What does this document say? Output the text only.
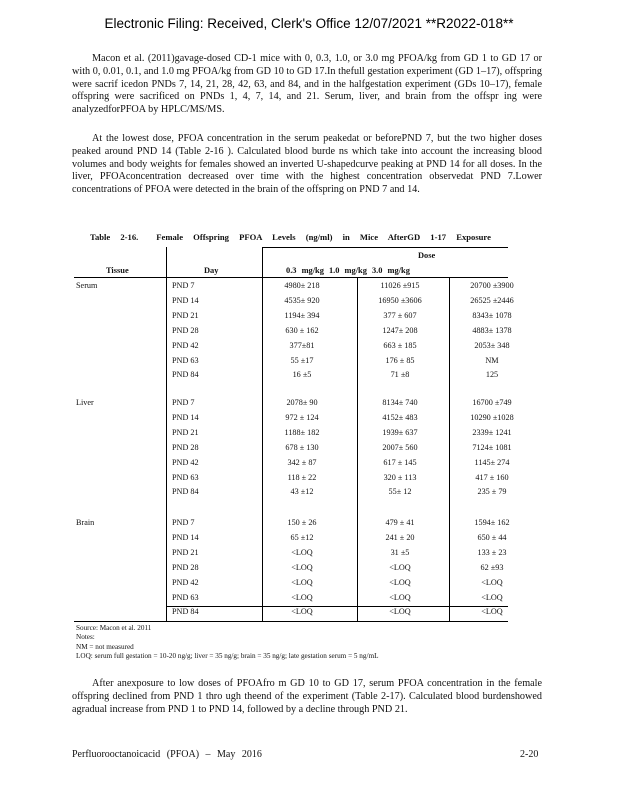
Electronic Filing: Received, Clerk's Office 12/07/2021 **R2022-018**
Macon et al. (2011)gavage-dosed CD-1 mice with 0, 0.3, 1.0, or 3.0 mg PFOA/kg from GD 1 to GD 17 or with 0, 0.01, 0.1, and 1.0 mg PFOA/kg from GD 10 to GD 17.In thefull gestation experiment (GD 1–17), offspring were sacrif icedon PNDs 7, 14, 21, 28, 42, 63, and 84, and in the halfgestation experiment (GDs 10–17), female offspring were sacrificed on PNDs 1, 4, 7, 14, and 21. Serum, liver, and brain from the offspr ing were analyzedforPFOA by HPLC/MS/MS.
At the lowest dose, PFOA concentration in the serum peakedat or beforePND 7, but the two higher doses peaked around PND 14 (Table 2-16 ). Calculated blood burde ns which take into account the increasing blood volumes and body weights for females showed an inverted U-shapedcurve peaking at PND 14 for all doses. In the liver, PFOAconcentration decreased over time with the highest concentration observedat PND 7.Lower concentrations of PFOA were detected in the brain of the offspring on PND 7 and 14.
Table 2-16. Female Offspring PFOA Levels (ng/ml) in Mice AfterGD 1-17 Exposure
Dose
Tissue	Day	0.3 mg/kg 1.0 mg/kg 3.0 mg/kg
Serum	PND 7	4980± 218	11026 ±915	20700 ±3900
PND 14	4535± 920	16950 ±3606	26525 ±2446
PND 21	1194± 394	377 ± 607	8343± 1078
PND 28	630 ± 162	1247± 208	4883± 1378
PND 42	377±81	663 ± 185	2053± 348
PND 63	55 ±17	176 ± 85	NM
PND 84	16 ±5	71 ±8	125
Liver	PND 7	2078± 90	8134± 740	16700 ±749
PND 14	972 ± 124	4152± 483	10290 ±1028
PND 21	1188± 182	1939± 637	2339± 1241
PND 28	678 ± 130	2007± 560	7124± 1081
PND 42	342 ± 87	617 ± 145	1145± 274
PND 63	118 ± 22	320 ± 113	417 ± 160
PND 84	43 ±12	55± 12	235 ± 79
Brain	PND 7	150 ± 26	479 ± 41	1594± 162
PND 14	65 ±12	241 ± 20	650 ± 44
PND 21	<LOQ	31 ±5	133 ± 23
PND 28	<LOQ	<LOQ	62 ±93
PND 42	<LOQ	<LOQ	<LOQ
PND 63	<LOQ	<LOQ	<LOQ
PND 84	<LOQ	<LOQ	<LOQ
Source: Macon et al. 2011
Notes:
NM = not measured
LOQ: serum full gestation = 10-20 ng/g; liver = 35 ng/g; brain = 35 ng/g; late gestation serum = 5 ng/mL
After anexposure to low doses of PFOAfro m GD 10 to GD 17, serum PFOA concentration in the female offspring declined from PND 1 thro ugh theend of the experiment (Table 2-17). Calculated blood burdenshowed agradual increase from PND 1 to PND 14, followed by a decline through PND 21.
Perfluorooctanoicacid (PFOA) – May 2016	2-20
